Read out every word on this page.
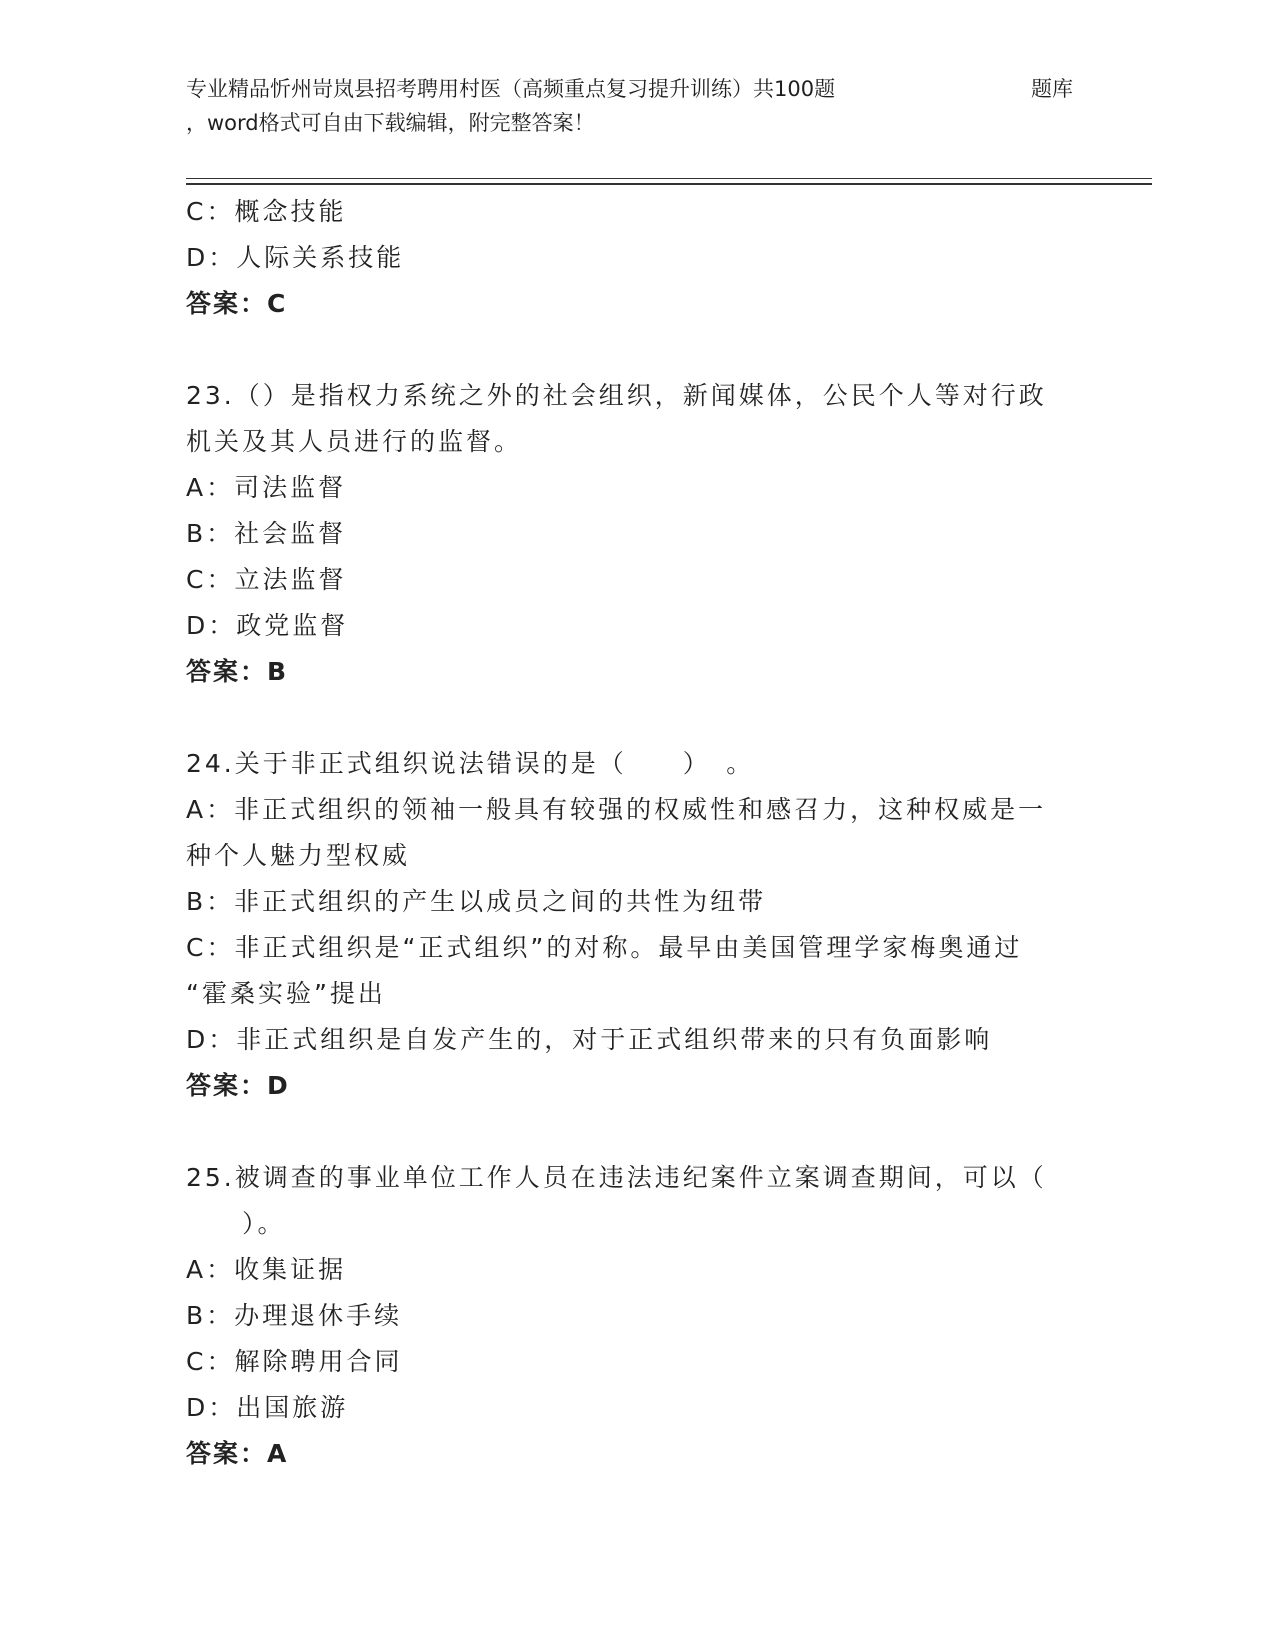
专业精品忻州岢岚县招考聘用村医（高频重点复习提升训练）共100题	题库
，word格式可自由下载编辑，附完整答案！
C：概念技能
D：人际关系技能
答案：C
23.（）是指权力系统之外的社会组织，新闻媒体，公民个人等对行政
机关及其人员进行的监督。
A：司法监督
B：社会监督
C：立法监督
D：政党监督
答案：B
24.关于非正式组织说法错误的是（　　）　。
A：非正式组织的领袖一般具有较强的权威性和感召力，这种权威是一
种个人魅力型权威
B：非正式组织的产生以成员之间的共性为纽带
C：非正式组织是“正式组织”的对称。最早由美国管理学家梅奥通过
“霍桑实验”提出
D：非正式组织是自发产生的，对于正式组织带来的只有负面影响
答案：D
25.被调查的事业单位工作人员在违法违纪案件立案调查期间，可以（
　　）。
A：收集证据
B：办理退休手续
C：解除聘用合同
D：出国旅游
答案：A
